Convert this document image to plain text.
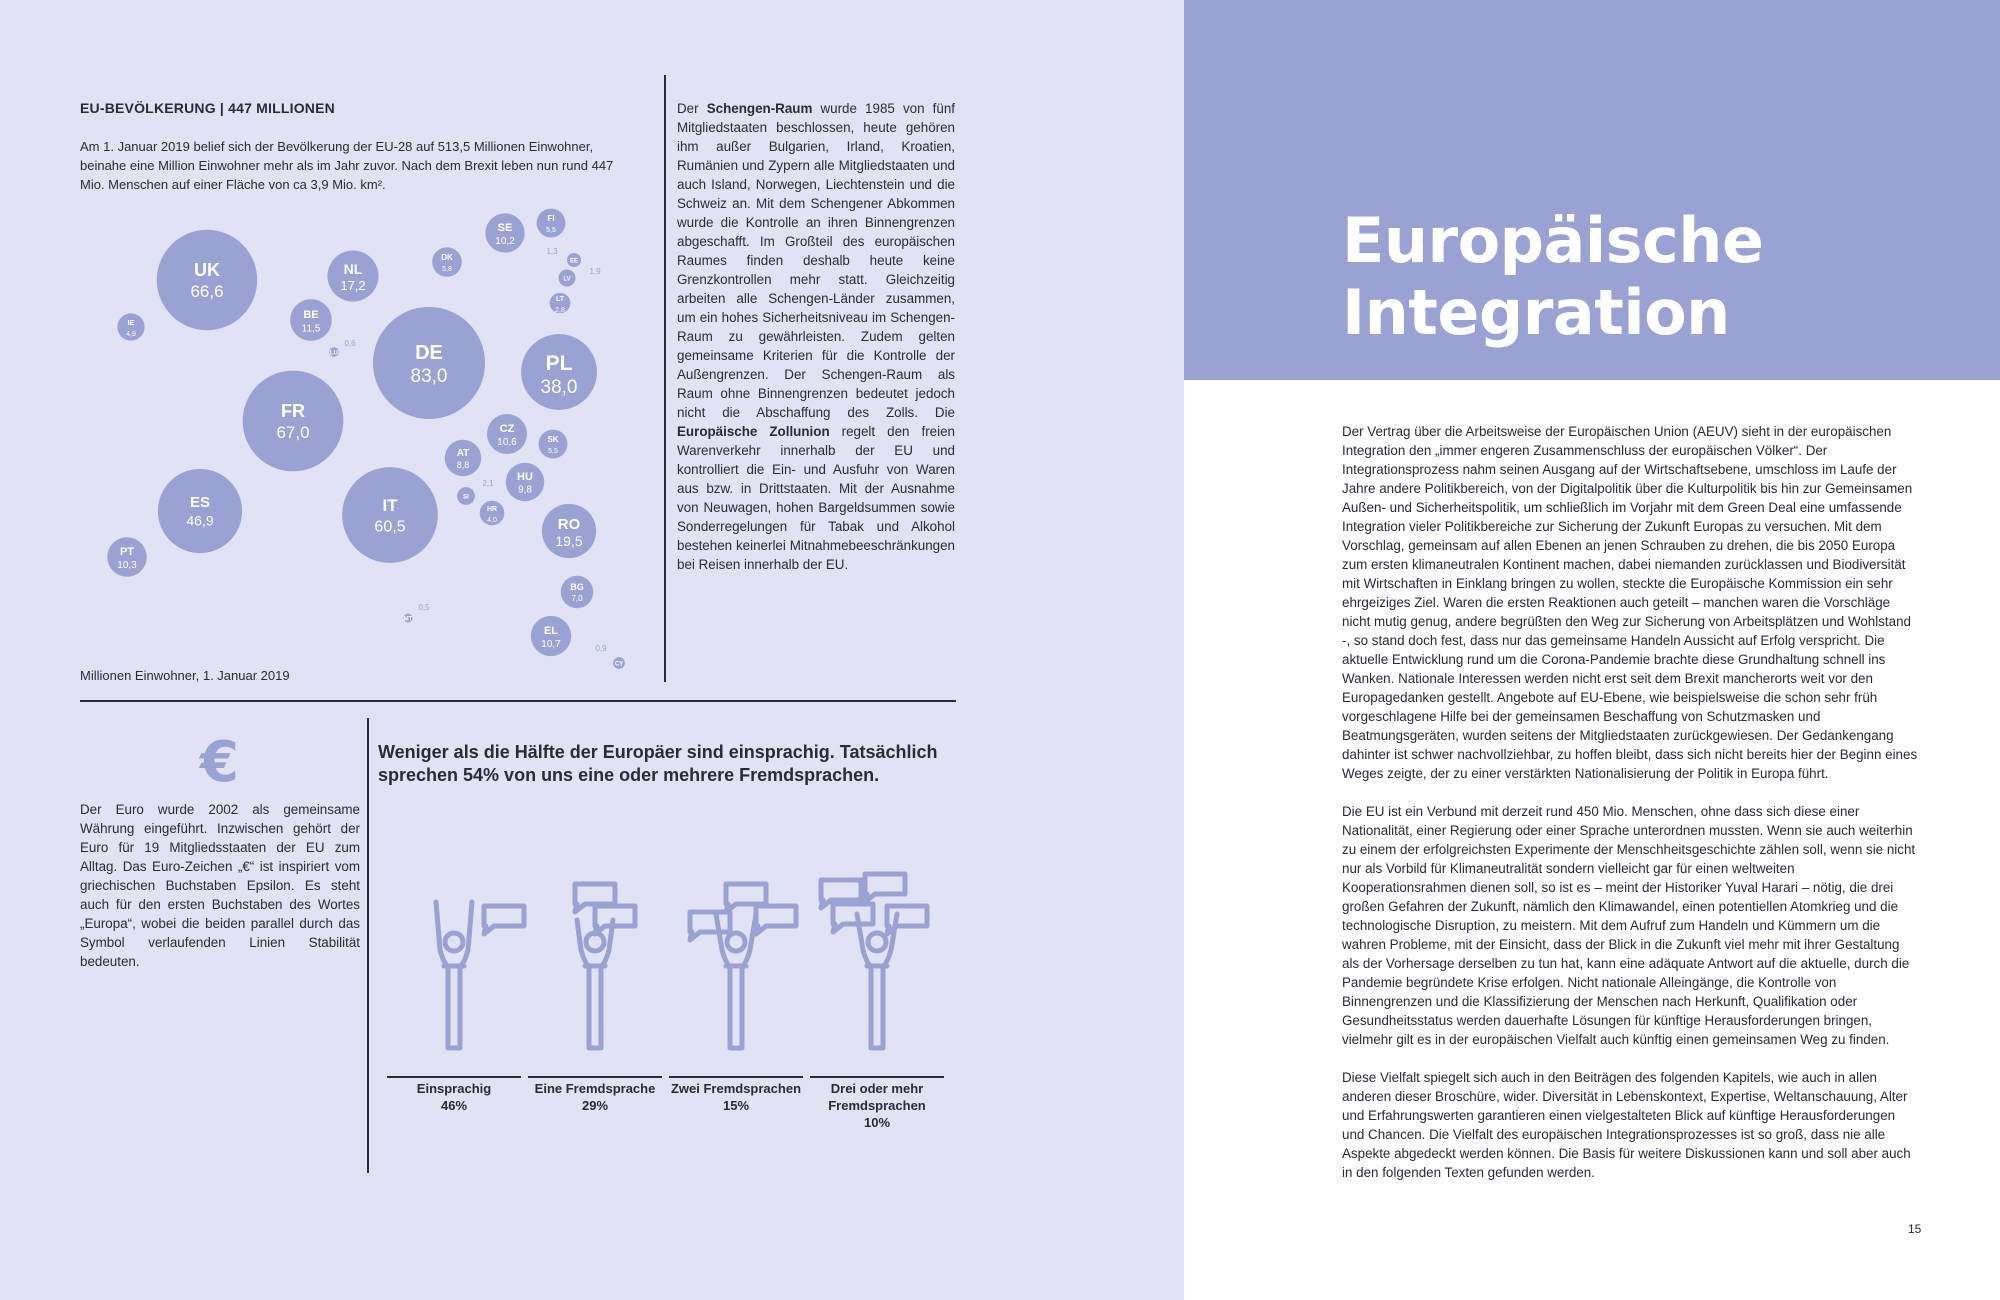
EU-BEVÖLKERUNG | 447 MILLIONEN
Am 1. Januar 2019 belief sich der Bevölkerung der EU-28 auf 513,5 Millionen Einwohner, beinahe eine Million Einwohner mehr als im Jahr zuvor. Nach dem Brexit leben nun rund 447 Mio. Menschen auf einer Fläche von ca 3,9 Mio. km².
UK
66,6
IE
4,9
NL
17,2
BE
11,5
LU
0,6
DK
5,8
SE
10,2
FI
5,5
EE
1,3
LV
1,9
LT
2,8
DE
83,0
PL
38,0
FR
67,0	CZ
10,6	SK
5,5
AT
8,8
HU
9,8
SI
2,1
HR
4,0
ES
46,9
IT
60,5	RO
19,5
PT
10,3
BG
7,0
MT
0,5
EL
10,7
CY
0,9
Millionen Einwohner, 1. Januar 2019
Der Schengen-Raum wurde 1985 von fünf Mitgliedstaaten beschlossen, heute gehören ihm außer Bulgarien, Irland, Kroatien, Rumänien und Zypern alle Mitgliedstaaten und auch Island, Norwegen, Liechtenstein und die Schweiz an. Mit dem Schengener Abkommen wurde die Kontrolle an ihren Binnengrenzen abgeschafft. Im Großteil des europäischen Raumes finden deshalb heute keine Grenzkontrollen mehr statt. Gleichzeitig arbeiten alle Schengen-Länder zusammen, um ein hohes Sicherheitsniveau im Schengen-Raum zu gewährleisten. Zudem gelten gemeinsame Kriterien für die Kontrolle der Außengrenzen. Der Schengen-Raum als Raum ohne Binnengrenzen bedeutet jedoch nicht die Abschaffung des Zolls. Die Europäische Zollunion regelt den freien Warenverkehr innerhalb der EU und kontrolliert die Ein- und Ausfuhr von Waren aus bzw. in Drittstaaten. Mit der Ausnahme von Neuwagen, hohen Bargeldsummen sowie Sonderregelungen für Tabak und Alkohol bestehen keinerlei Mitnahmebeeschränkungen bei Reisen innerhalb der EU.
€
Der Euro wurde 2002 als gemeinsame Währung eingeführt. Inzwischen gehört der Euro für 19 Mitgliedsstaaten der EU zum Alltag. Das Euro-Zeichen „€“ ist inspiriert vom griechischen Buchstaben Epsilon. Es steht auch für den ersten Buchstaben des Wortes „Europa“, wobei die beiden parallel durch das Symbol verlaufenden Linien Stabilität bedeuten.
Weniger als die Hälfte der Europäer sind einsprachig. Tatsächlich sprechen 54% von uns eine oder mehrere Fremdsprachen.
Einsprachig
46%
Eine Fremdsprache
29%
Zwei Fremdsprachen
15%
Drei oder mehr Fremdsprachen
10%
Europäische
Integration

Der Vertrag über die Arbeitsweise der Europäischen Union (AEUV) sieht in der europäischen Integration den „immer engeren Zusammenschluss der europäischen Völker“. Der Integrationsprozess nahm seinen Ausgang auf der Wirtschaftsebene, umschloss im Laufe der Jahre andere Politikbereich, von der Digitalpolitik über die Kulturpolitik bis hin zur Gemeinsamen Außen- und Sicherheitspolitik, um schließlich im Vorjahr mit dem Green Deal eine umfassende Integration vieler Politikbereiche zur Sicherung der Zukunft Europas zu versuchen. Mit dem Vorschlag, gemeinsam auf allen Ebenen an jenen Schrauben zu drehen, die bis 2050 Europa zum ersten klimaneutralen Kontinent machen, dabei niemanden zurücklassen und Biodiversität mit Wirtschaften in Einklang bringen zu wollen, steckte die Europäische Kommission ein sehr ehrgeiziges Ziel. Waren die ersten Reaktionen auch geteilt – manchen waren die Vorschläge nicht mutig genug, andere begrüßten den Weg zur Sicherung von Arbeitsplätzen und Wohlstand -, so stand doch fest, dass nur das gemeinsame Handeln Aussicht auf Erfolg verspricht. Die aktuelle Entwicklung rund um die Corona-Pandemie brachte diese Grundhaltung schnell ins Wanken. Nationale Interessen werden nicht erst seit dem Brexit mancherorts weit vor den Europagedanken gestellt. Angebote auf EU-Ebene, wie beispielsweise die schon sehr früh vorgeschlagene Hilfe bei der gemeinsamen Beschaffung von Schutzmasken und Beatmungsgeräten, wurden seitens der Mitgliedstaaten zurückgewiesen. Der Gedankengang dahinter ist schwer nachvollziehbar, zu hoffen bleibt, dass sich nicht bereits hier der Beginn eines Weges zeigte, der zu einer verstärkten Nationalisierung der Politik in Europa führt.

Die EU ist ein Verbund mit derzeit rund 450 Mio. Menschen, ohne dass sich diese einer Nationalität, einer Regierung oder einer Sprache unterordnen mussten. Wenn sie auch weiterhin zu einem der erfolgreichsten Experimente der Menschheitsgeschichte zählen soll, wenn sie nicht nur als Vorbild für Klimaneutralität sondern vielleicht gar für einen weltweiten Kooperationsrahmen dienen soll, so ist es – meint der Historiker Yuval Harari – nötig, die drei großen Gefahren der Zukunft, nämlich den Klimawandel, einen potentiellen Atomkrieg und die technologische Disruption, zu meistern. Mit dem Aufruf zum Handeln und Kümmern um die wahren Probleme, mit der Einsicht, dass der Blick in die Zukunft viel mehr mit ihrer Gestaltung als der Vorhersage derselben zu tun hat, kann eine adäquate Antwort auf die aktuelle, durch die Pandemie begründete Krise erfolgen. Nicht nationale Alleingänge, die Kontrolle von Binnengrenzen und die Klassifizierung der Menschen nach Herkunft, Qualifikation oder Gesundheitsstatus werden dauerhafte Lösungen für künftige Herausforderungen bringen, vielmehr gilt es in der europäischen Vielfalt auch künftig einen gemeinsamen Weg zu finden.

Diese Vielfalt spiegelt sich auch in den Beiträgen des folgenden Kapitels, wie auch in allen anderen dieser Broschüre, wider. Diversität in Lebenskontext, Expertise, Weltanschauung, Alter und Erfahrungswerten garantieren einen vielgestalteten Blick auf künftige Herausforderungen und Chancen. Die Vielfalt des europäischen Integrationsprozesses ist so groß, dass nie alle Aspekte abgedeckt werden können. Die Basis für weitere Diskussionen kann und soll aber auch in den folgenden Texten gefunden werden.

15
